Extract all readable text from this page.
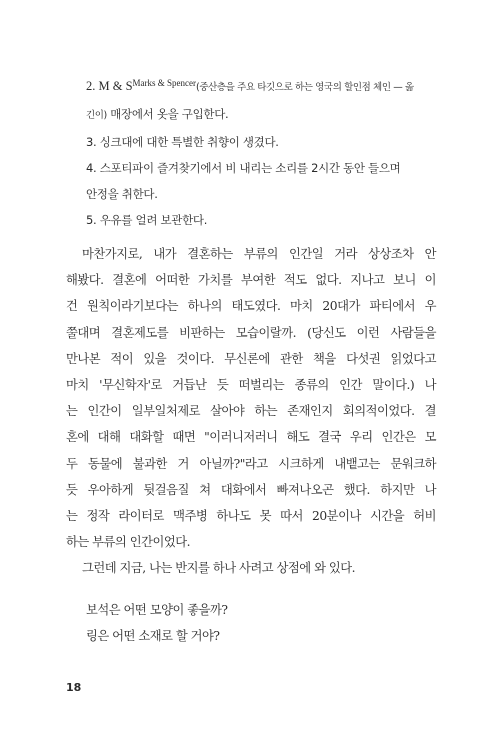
2. M & $S^{Marks \& Spencer}$(중산층을 주요 타깃으로 하는 영국의 할인점 체인 — 옮
긴이) 매장에서 옷을 구입한다.
3. 싱크대에 대한 특별한 취향이 생겼다.
4. 스포티파이 즐겨찾기에서 비 내리는 소리를 2시간 동안 들으며
안정을 취한다.
5. 우유를 얼려 보관한다.
마찬가지로, 내가 결혼하는 부류의 인간일 거라 상상조차 안
해봤다. 결혼에 어떠한 가치를 부여한 적도 없다. 지나고 보니 이
건 원칙이라기보다는 하나의 태도였다. 마치 20대가 파티에서 우
쭐대며 결혼제도를 비판하는 모습이랄까. (당신도 이런 사람들을
만나본 적이 있을 것이다. 무신론에 관한 책을 다섯권 읽었다고
마치 '무신학자'로 거듭난 듯 떠벌리는 종류의 인간 말이다.) 나
는 인간이 일부일처제로 살아야 하는 존재인지 회의적이었다. 결
혼에 대해 대화할 때면 "이러니저러니 해도 결국 우리 인간은 모
두 동물에 불과한 거 아닐까?"라고 시크하게 내뱉고는 문워크하
듯 우아하게 뒷걸음질 쳐 대화에서 빠져나오곤 했다. 하지만 나
는 정작 라이터로 맥주병 하나도 못 따서 20분이나 시간을 허비
하는 부류의 인간이었다.
그런데 지금, 나는 반지를 하나 사려고 상점에 와 있다.
보석은 어떤 모양이 좋을까?
링은 어떤 소재로 할 거야?
18
